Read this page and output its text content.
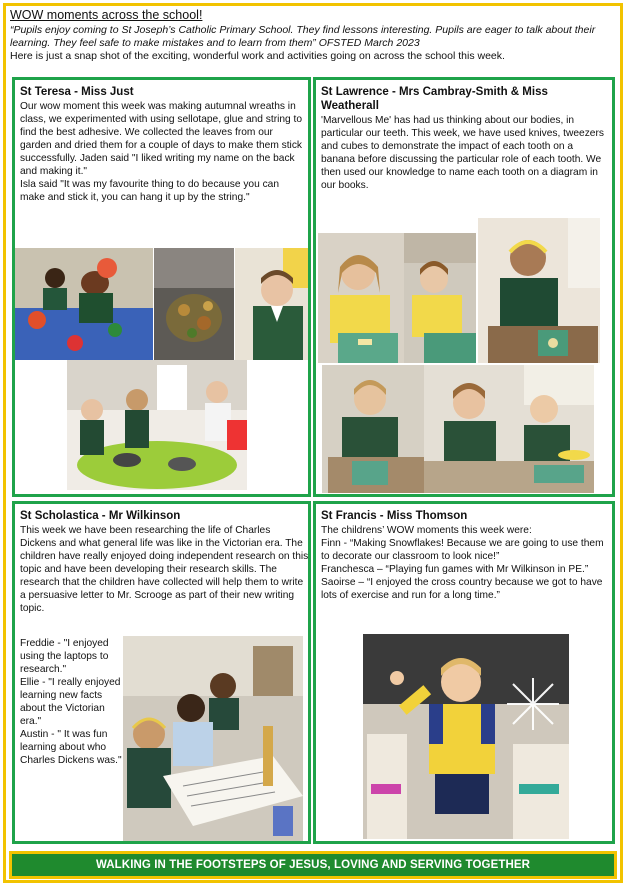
WOW moments across the school!
“Pupils enjoy coming to St Joseph’s Catholic Primary School. They find lessons interesting. Pupils are eager to talk about their learning. They feel safe to make mistakes and to learn from them” OFSTED March 2023
Here is just a snap shot of the exciting, wonderful work and activities going on across the school this week.
St Teresa - Miss Just
Our wow moment this week was making autumnal wreaths in class, we experimented with using sellotape, glue and string to find the best adhesive. We collected the leaves from our garden and dried them for a couple of days to make them stick successfully. Jaden said "I liked writing my name on the back and making it."
Isla said "It was my favourite thing to do because you can make and stick it, you can hang it up by the string."
St Lawrence - Mrs Cambray-Smith & Miss Weatherall
'Marvellous Me' has had us thinking about our bodies, in particular our teeth. This week, we have used knives, tweezers and cubes to demonstrate the impact of each tooth on a banana before discussing the particular role of each tooth. We then used our knowledge to name each tooth on a diagram in our books.
St Scholastica - Mr Wilkinson
This week we have been researching the life of Charles Dickens and what general life was like in the Victorian era. The children have really enjoyed doing independent research on this topic and have been developing their research skills. The research that the children have collected will help them to write a persuasive letter to Mr. Scrooge as part of their new writing topic.
Freddie - "I enjoyed using the laptops to research."
Ellie - "I really enjoyed learning new facts about the Victorian era."
Austin - " It was fun learning about who Charles Dickens was."
St Francis - Miss Thomson
The childrens’ WOW moments this week were:
Finn - “Making Snowflakes! Because we are going to use them to decorate our classroom to look nice!”
Franchesca – “Playing fun games with Mr Wilkinson in PE.”
Saoirse – “I enjoyed the cross country because we got to have lots of exercise and run for a long time.”
WALKING IN THE FOOTSTEPS OF JESUS, LOVING AND SERVING TOGETHER
